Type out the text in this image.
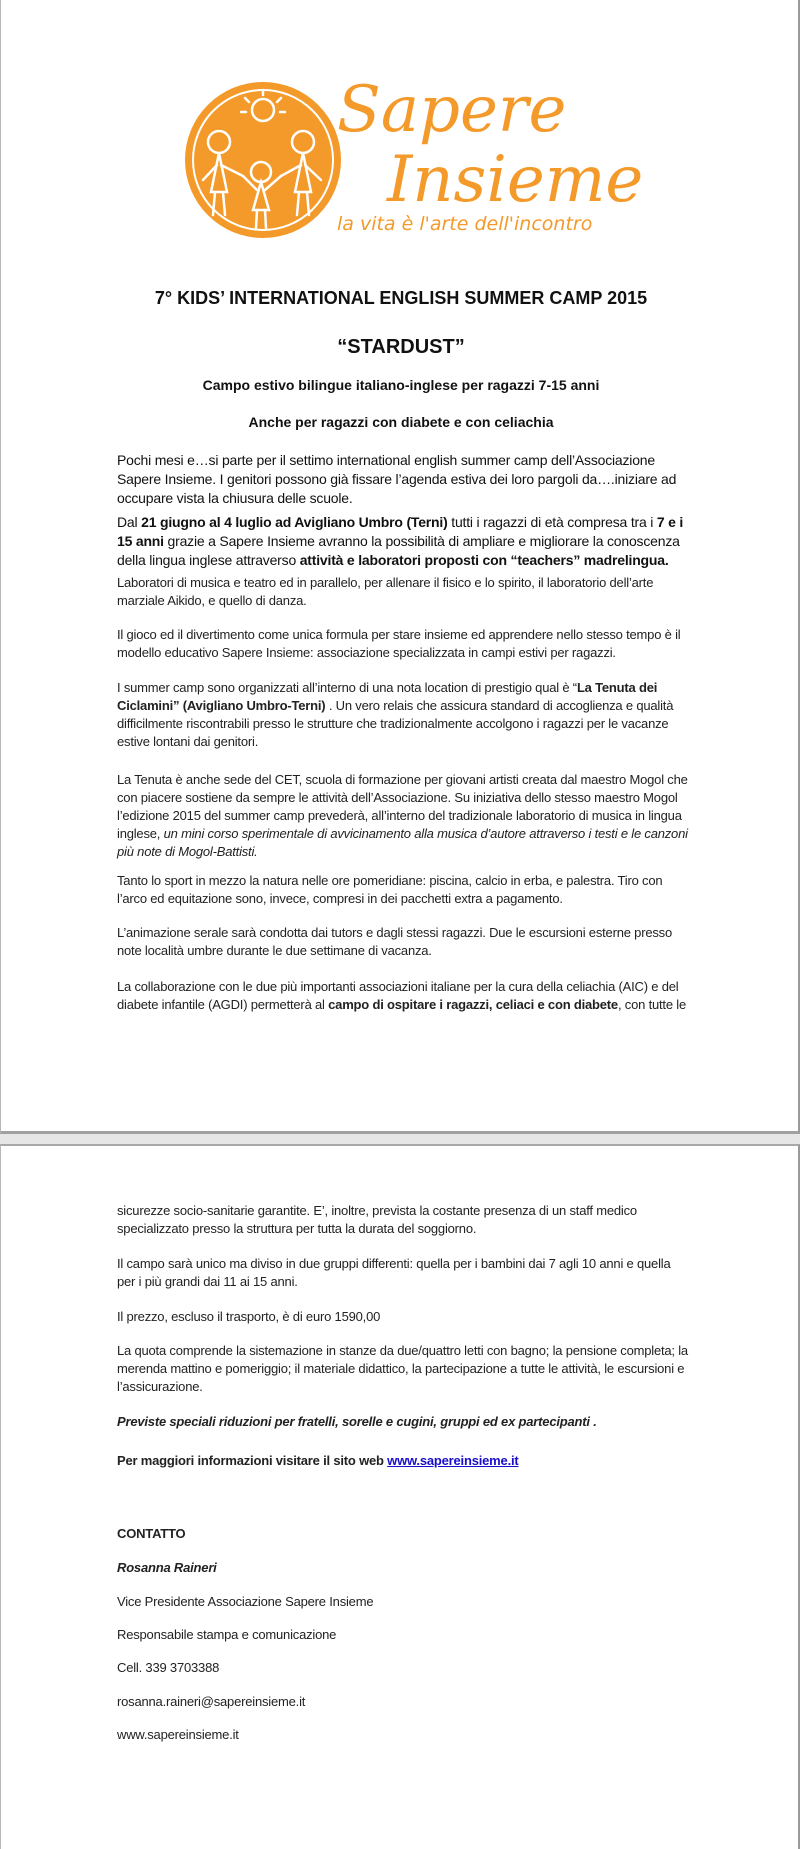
Sapere
Insieme
la vita è l'arte dell'incontro
7° KIDS’ INTERNATIONAL ENGLISH SUMMER CAMP 2015
“STARDUST”
Campo estivo bilingue italiano-inglese per ragazzi 7-15 anni
Anche per ragazzi con diabete e con celiachia
Pochi mesi e…si parte per il settimo international english summer camp dell’Associazione Sapere Insieme. I genitori possono già fissare l’agenda estiva dei loro pargoli da….iniziare ad occupare vista la chiusura delle scuole.
Dal 21 giugno al 4 luglio ad Avigliano Umbro (Terni) tutti i ragazzi di età compresa tra i 7 e i 15 anni grazie a Sapere Insieme avranno la possibilità di ampliare e migliorare la conoscenza della lingua inglese attraverso attività e laboratori proposti con “teachers” madrelingua.
Laboratori di musica e teatro ed in parallelo, per allenare il fisico e lo spirito, il laboratorio dell’arte marziale Aikido, e quello di danza.
Il gioco ed il divertimento come unica formula per stare insieme ed apprendere nello stesso tempo è il modello educativo Sapere Insieme: associazione specializzata in campi estivi per ragazzi.
I summer camp sono organizzati all’interno di una nota location di prestigio qual è “La Tenuta dei Ciclamini” (Avigliano Umbro-Terni) . Un vero relais che assicura standard di accoglienza e qualità difficilmente riscontrabili presso le strutture che tradizionalmente accolgono i ragazzi per le vacanze estive lontani dai genitori.
La Tenuta è anche sede del CET, scuola di formazione per giovani artisti creata dal maestro Mogol che con piacere sostiene da sempre le attività dell’Associazione. Su iniziativa dello stesso maestro Mogol l’edizione 2015 del summer camp prevederà, all’interno del tradizionale laboratorio di musica in lingua inglese, un mini corso sperimentale di avvicinamento alla musica d’autore attraverso i testi e le canzoni più note di Mogol-Battisti.
Tanto lo sport in mezzo la natura nelle ore pomeridiane: piscina, calcio in erba, e palestra. Tiro con l’arco ed equitazione sono, invece, compresi in dei pacchetti extra a pagamento.
L’animazione serale sarà condotta dai tutors e dagli stessi ragazzi. Due le escursioni esterne presso note località umbre durante le due settimane di vacanza.
La collaborazione con le due più importanti associazioni italiane per la cura della celiachia (AIC) e del diabete infantile (AGDI) permetterà al campo di ospitare i ragazzi, celiaci e con diabete, con tutte le
sicurezze socio-sanitarie garantite. E’, inoltre, prevista la costante presenza di un staff medico specializzato presso la struttura per tutta la durata del soggiorno.
Il campo sarà unico ma diviso in due gruppi differenti: quella per i bambini dai 7 agli 10 anni e quella per i più grandi dai 11 ai 15 anni.
Il prezzo, escluso il trasporto, è di euro 1590,00
La quota comprende la sistemazione in stanze da due/quattro letti con bagno; la pensione completa; la merenda mattino e pomeriggio; il materiale didattico, la partecipazione a tutte le attività, le escursioni e l’assicurazione.
Previste speciali riduzioni per fratelli, sorelle e cugini, gruppi ed ex partecipanti .
Per maggiori informazioni visitare il sito web www.sapereinsieme.it
CONTATTO
Rosanna Raineri
Vice Presidente Associazione Sapere Insieme
Responsabile stampa e comunicazione
Cell. 339 3703388
rosanna.raineri@sapereinsieme.it
www.sapereinsieme.it
